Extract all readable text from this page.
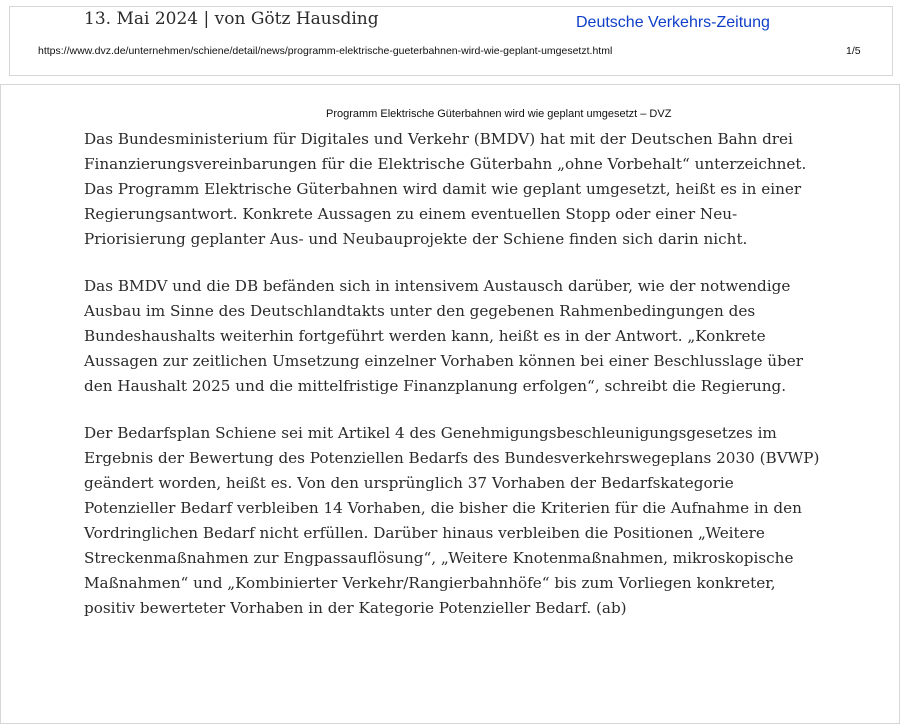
13. Mai 2024 | von Götz Hausding	Deutsche Verkehrs-Zeitung
https://www.dvz.de/unternehmen/schiene/detail/news/programm-elektrische-gueterbahnen-wird-wie-geplant-umgesetzt.html	1/5
Programm Elektrische Güterbahnen wird wie geplant umgesetzt – DVZ

Das Bundesministerium für Digitales und Verkehr (BMDV) hat mit der Deutschen Bahn drei Finanzierungsvereinbarungen für die Elektrische Güterbahn „ohne Vorbehalt“ unterzeichnet. Das Programm Elektrische Güterbahnen wird damit wie geplant umgesetzt, heißt es in einer Regierungsantwort. Konkrete Aussagen zu einem eventuellen Stopp oder einer Neu-Priorisierung geplanter Aus- und Neubauprojekte der Schiene finden sich darin nicht.

Das BMDV und die DB befänden sich in intensivem Austausch darüber, wie der notwendige Ausbau im Sinne des Deutschlandtakts unter den gegebenen Rahmenbedingungen des Bundeshaushalts weiterhin fortgeführt werden kann, heißt es in der Antwort. „Konkrete Aussagen zur zeitlichen Umsetzung einzelner Vorhaben können bei einer Beschlusslage über den Haushalt 2025 und die mittelfristige Finanzplanung erfolgen“, schreibt die Regierung.

Der Bedarfsplan Schiene sei mit Artikel 4 des Genehmigungsbeschleunigungsgesetzes im Ergebnis der Bewertung des Potenziellen Bedarfs des Bundesverkehrswegeplans 2030 (BVWP) geändert worden, heißt es. Von den ursprünglich 37 Vorhaben der Bedarfskategorie Potenzieller Bedarf verbleiben 14 Vorhaben, die bisher die Kriterien für die Aufnahme in den Vordringlichen Bedarf nicht erfüllen. Darüber hinaus verbleiben die Positionen „Weitere Streckenmaßnahmen zur Engpassauflösung“, „Weitere Knotenmaßnahmen, mikroskopische Maßnahmen“ und „Kombinierter Verkehr/Rangierbahnhöfe“ bis zum Vorliegen konkreter, positiv bewerteter Vorhaben in der Kategorie Potenzieller Bedarf. (ab)
